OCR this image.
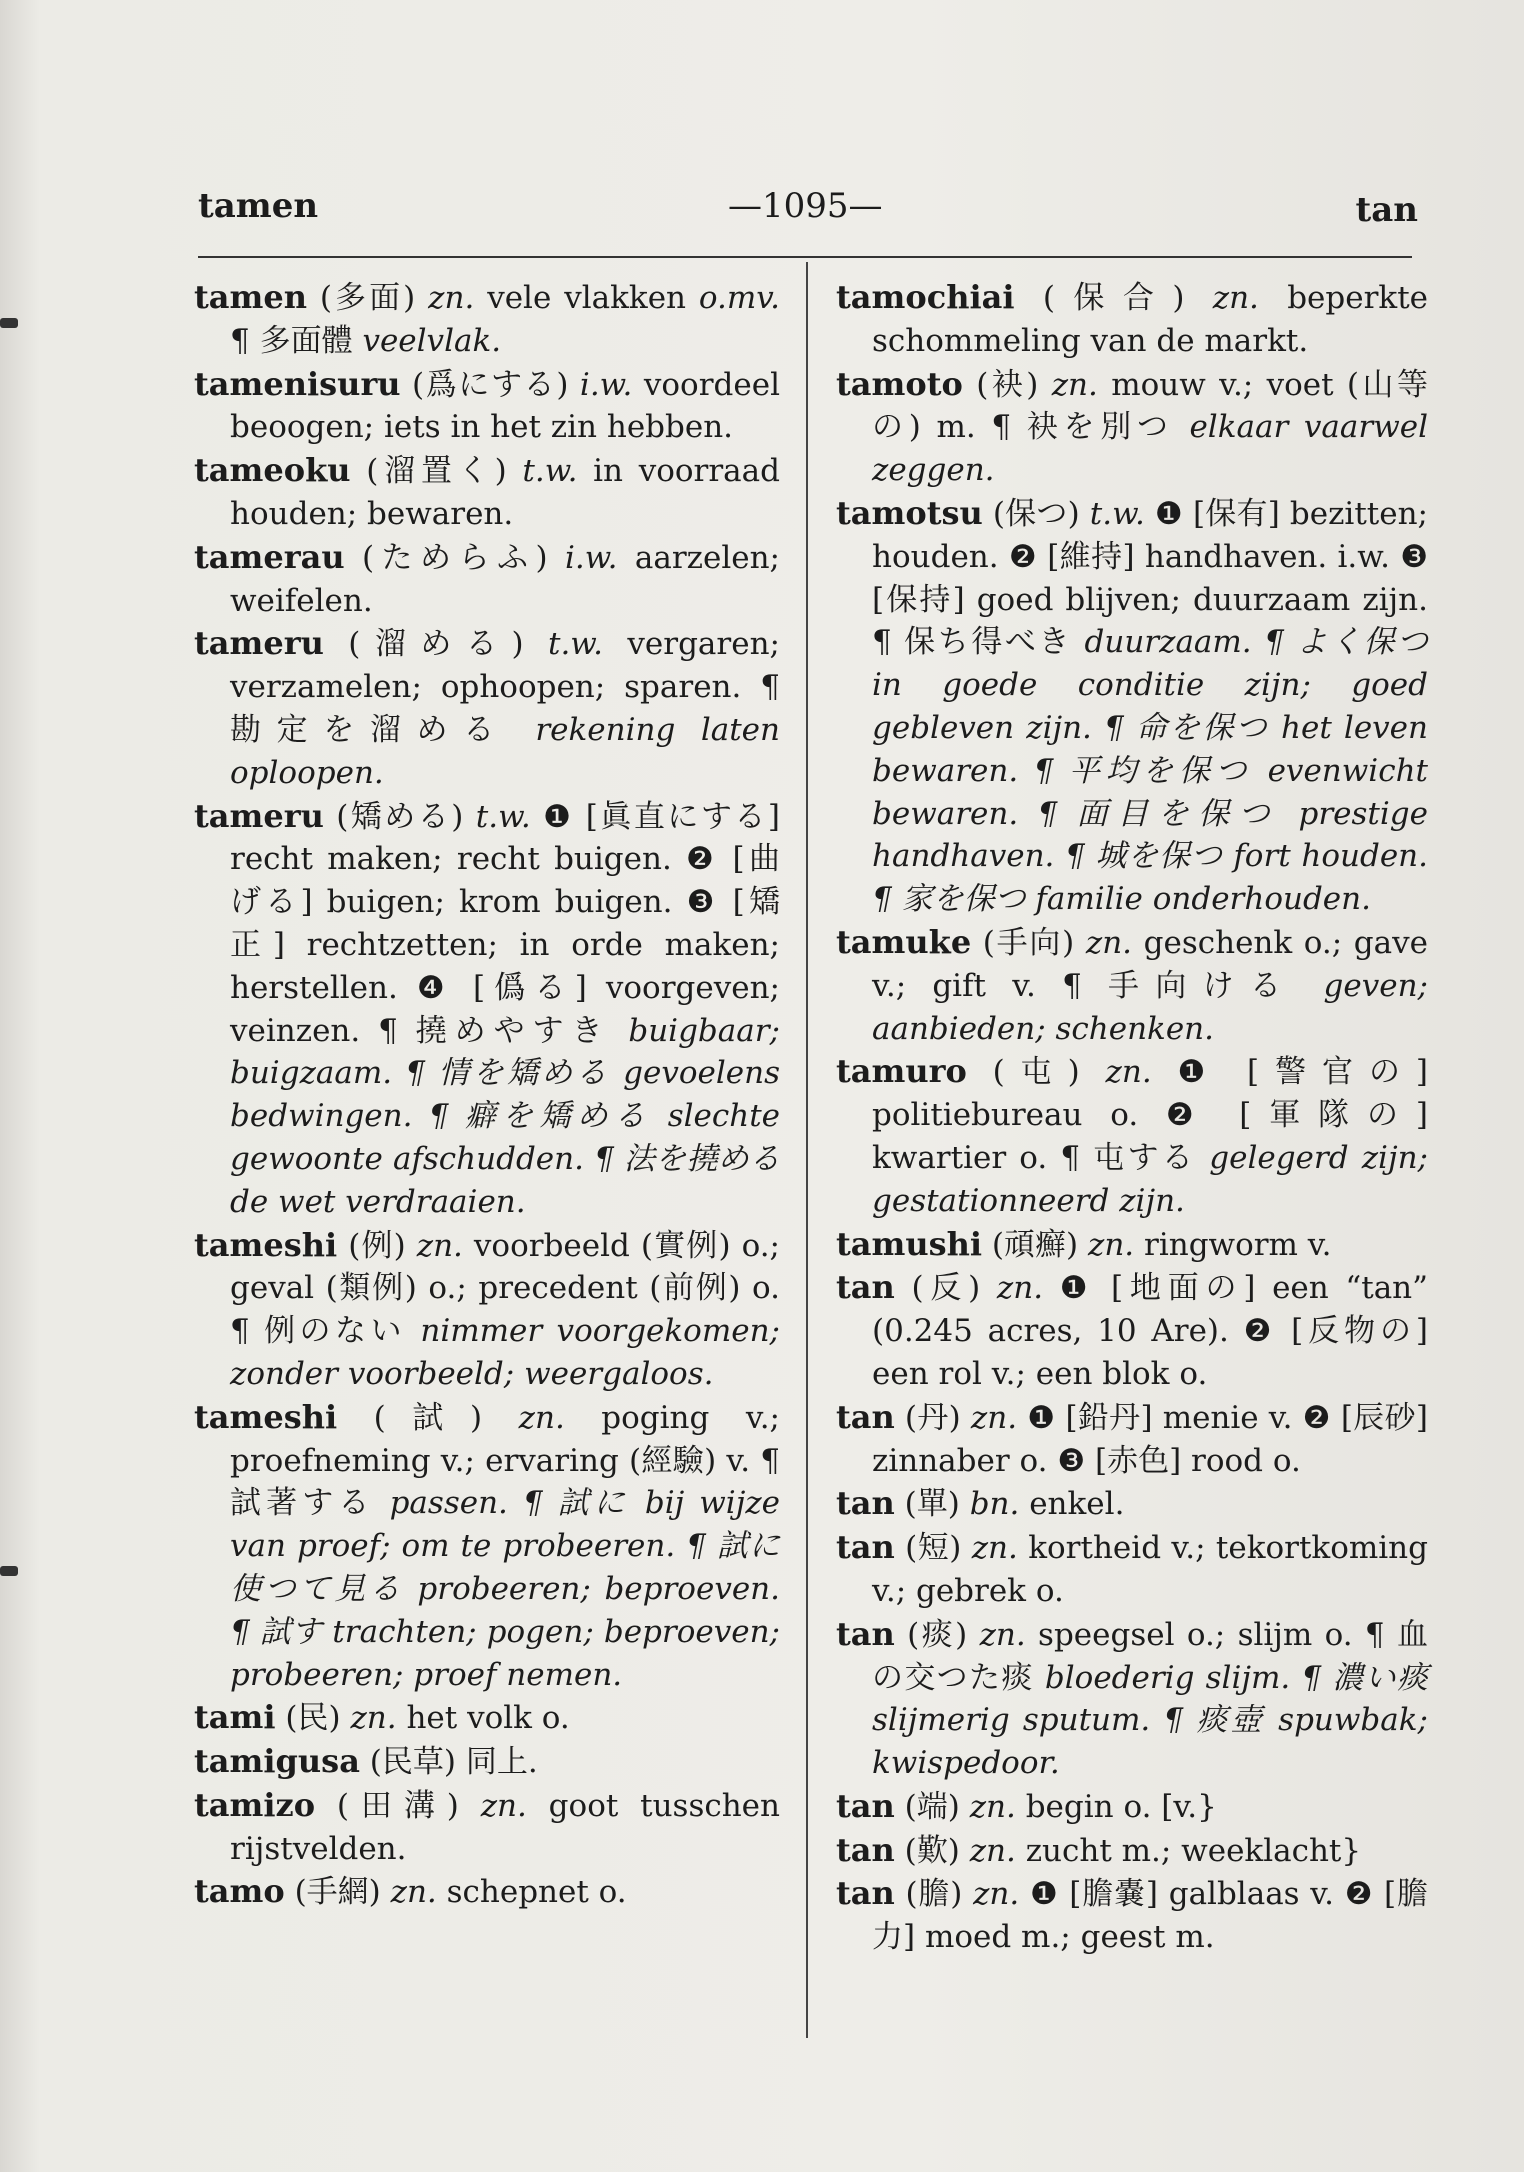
tamen	—1095—	tan

tamen (多面) zn. vele vlakken o.mv. ¶ 多面體 veelvlak.

tamenisuru (爲にする) i.w. voordeel beoogen; iets in het zin hebben.

tameoku (溜置く) t.w. in voorraad houden; bewaren.

tamerau (ためらふ) i.w. aarzelen; weifelen.

tameru (溜める) t.w. vergaren; verzamelen; ophoopen; sparen. ¶ 勘定を溜める rekening laten oploopen.

tameru (矯める) t.w. ❶ [眞直にする] recht maken; recht buigen. ❷ [曲げる] buigen; krom buigen. ❸ [矯正] rechtzetten; in orde maken; herstellen. ❹ [僞る] voorgeven; veinzen. ¶ 撓めやすき buigbaar; buigzaam. ¶ 情を矯める gevoelens bedwingen. ¶ 癖を矯める slechte gewoonte afschudden. ¶ 法を撓める de wet verdraaien.

tameshi (例) zn. voorbeeld (實例) o.; geval (類例) o.; precedent (前例) o. ¶ 例のない nimmer voorgekomen; zonder voorbeeld; weergaloos.

tameshi (試) zn. poging v.; proefneming v.; ervaring (經驗) v. ¶ 試著する passen. ¶ 試に bij wijze van proef; om te probeeren. ¶ 試に使つて見る probeeren; beproeven. ¶ 試す trachten; pogen; beproeven; probeeren; proef nemen.

tami (民) zn. het volk o.

tamigusa (民草) 同上.

tamizo (田溝) zn. goot tusschen rijstvelden.

tamo (手網) zn. schepnet o.

tamochiai (保合) zn. beperkte schommeling van de markt.

tamoto (袂) zn. mouw v.; voet (山等の) m. ¶ 袂を別つ elkaar vaarwel zeggen.

tamotsu (保つ) t.w. ❶ [保有] bezitten; houden. ❷ [維持] handhaven. i.w. ❸ [保持] goed blijven; duurzaam zijn. ¶ 保ち得べき duurzaam. ¶ よく保つ in goede conditie zijn; goed gebleven zijn. ¶ 命を保つ het leven bewaren. ¶ 平均を保つ evenwicht bewaren. ¶ 面目を保つ prestige handhaven. ¶ 城を保つ fort houden. ¶ 家を保つ familie onderhouden.

tamuke (手向) zn. geschenk o.; gave v.; gift v. ¶ 手向ける geven; aanbieden; schenken.

tamuro (屯) zn. ❶ [警官の] politiebureau o. ❷ [軍隊の] kwartier o. ¶ 屯する gelegerd zijn; gestationneerd zijn.

tamushi (頑癬) zn. ringworm v.

tan (反) zn. ❶ [地面の] een “tan” (0.245 acres, 10 Are). ❷ [反物の] een rol v.; een blok o.

tan (丹) zn. ❶ [鉛丹] menie v. ❷ [辰砂] zinnaber o. ❸ [赤色] rood o.

tan (單) bn. enkel.

tan (短) zn. kortheid v.; tekortkoming v.; gebrek o.

tan (痰) zn. speegsel o.; slijm o. ¶ 血の交つた痰 bloederig slijm. ¶ 濃い痰 slijmerig sputum. ¶ 痰壺 spuwbak; kwispedoor.

tan (端) zn. begin o. [v.}

tan (歎) zn. zucht m.; weeklacht}

tan (膽) zn. ❶ [膽嚢] galblaas v. ❷ [膽力] moed m.; geest m.
